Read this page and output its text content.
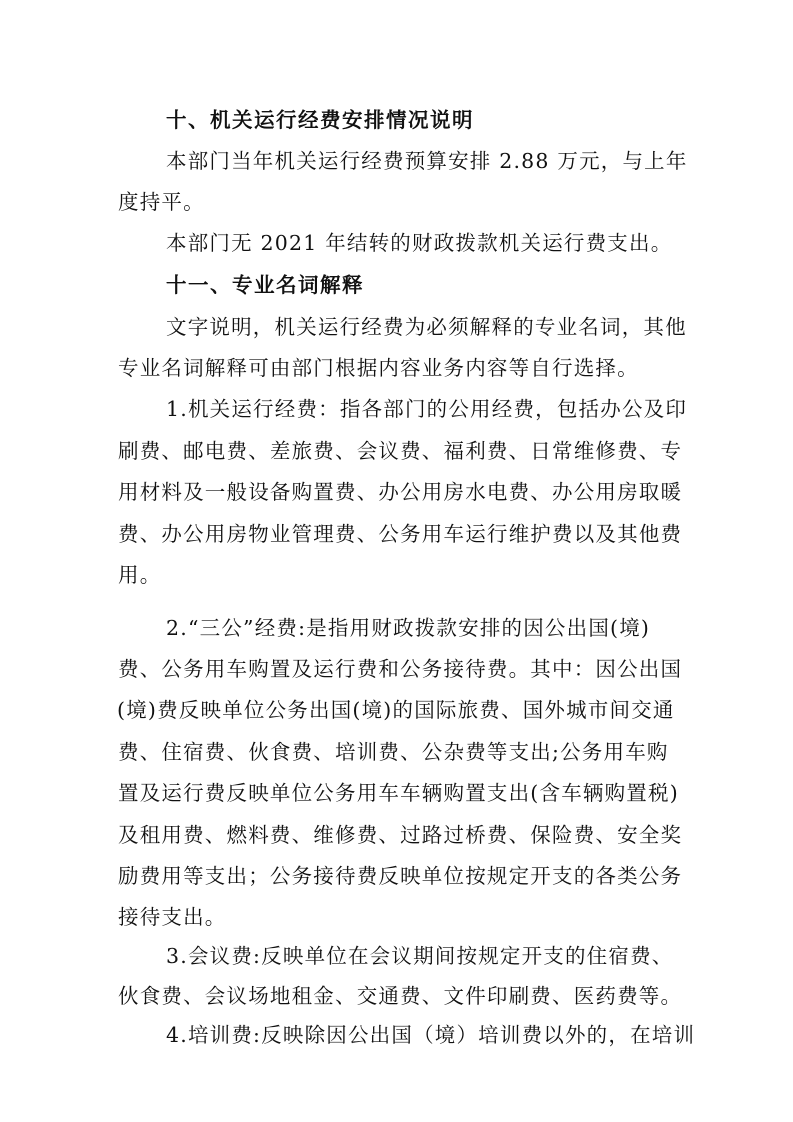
十、机关运行经费安排情况说明
本部门当年机关运行经费预算安排 2.88 万元，与上年
度持平。
本部门无 2021 年结转的财政拨款机关运行费支出。
十一、专业名词解释
文字说明，机关运行经费为必须解释的专业名词，其他
专业名词解释可由部门根据内容业务内容等自行选择。
1.机关运行经费：指各部门的公用经费，包括办公及印
刷费、邮电费、差旅费、会议费、福利费、日常维修费、专
用材料及一般设备购置费、办公用房水电费、办公用房取暖
费、办公用房物业管理费、公务用车运行维护费以及其他费
用。
2.“三公”经费:是指用财政拨款安排的因公出国(境)
费、公务用车购置及运行费和公务接待费。其中：因公出国
(境)费反映单位公务出国(境)的国际旅费、国外城市间交通
费、住宿费、伙食费、培训费、公杂费等支出;公务用车购
置及运行费反映单位公务用车车辆购置支出(含车辆购置税)
及租用费、燃料费、维修费、过路过桥费、保险费、安全奖
励费用等支出；公务接待费反映单位按规定开支的各类公务
接待支出。
3.会议费:反映单位在会议期间按规定开支的住宿费、
伙食费、会议场地租金、交通费、文件印刷费、医药费等。
4.培训费:反映除因公出国（境）培训费以外的，在培训
